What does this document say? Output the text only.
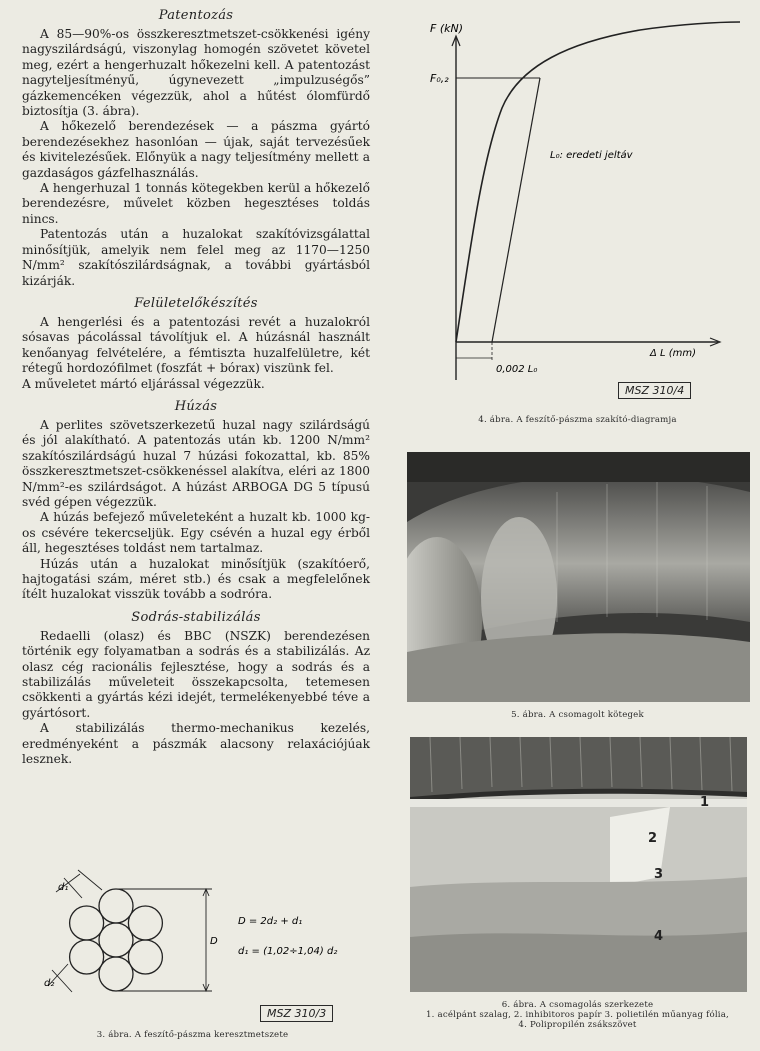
Patentozás

A 85—90%-os összkeresztmetszet-csökkenési igény nagyszilárdságú, viszonylag homogén szövetet követel meg, ezért a hengerhuzalt hőkezelni kell. A patentozást nagyteljesítményű, úgynevezett „impulzuségős” gázkemencéken végezzük, ahol a hűtést ólomfürdő biztosítja (3. ábra).

A hőkezelő berendezések — a pászma gyártó berendezésekhez hasonlóan — újak, saját tervezésűek és kivitelezésűek. Előnyük a nagy teljesítmény mellett a gazdaságos gázfelhasználás.

A hengerhuzal 1 tonnás kötegekben kerül a hőkezelő berendezésre, művelet közben hegesztéses toldás nincs.

Patentozás után a huzalokat szakítóvizsgálattal minősítjük, amelyik nem felel meg az 1170—1250 N/mm² szakítószilárdságnak, a további gyártásból kizárják.

Felületelőkészítés

A hengerlési és a patentozási revét a huzalokról sósavas pácolással távolítjuk el. A húzásnál használt kenőanyag felvételére, a fémtiszta huzalfelületre, két rétegű hordozófilmet (foszfát + bórax) viszünk fel.

A műveletet mártó eljárással végezzük.

Húzás

A perlites szövetszerkezetű huzal nagy szilárdságú és jól alakítható. A patentozás után kb. 1200 N/mm² szakítószilárdságú huzal 7 húzási fokozattal, kb. 85% összkeresztmetszet-csökkenéssel alakítva, eléri az 1800 N/mm²-es szilárdságot. A húzást ARBOGA DG 5 típusú svéd gépen végezzük.

A húzás befejező műveleteként a huzalt kb. 1000 kg-os csévére tekercseljük. Egy csévén a huzal egy érből áll, hegesztéses toldást nem tartalmaz.

Húzás után a huzalokat minősítjük (szakítóerő, hajtogatási szám, méret stb.) és csak a megfelelőnek ítélt huzalokat visszük tovább a sodrórа.

Sodrás-stabilizálás

Redaelli (olasz) és BBC (NSZK) berendezésen történik egy folyamatban a sodrás és a stabilizálás. Az olasz cég racionális fejlesztése, hogy a sodrás és a stabilizálás műveleteit összekapcsolta, tetemesen csökkenti a gyártás kézi idejét, termelékenyebbé téve a gyártósort.

A stabilizálás thermo-mechanikus kezelés, eredményeként a pászmák alacsony relaxációjúak lesznek.

d₁
d₂
D
D = 2d₂ + d₁
d₁ = (1,02÷1,04) d₂
MSZ 310/3
3. ábra. A feszítő-pászma keresztmetszete
F (kN)
F₀,₂
L₀: eredeti jeltáv
Δ L (mm)
0,002 L₀
MSZ 310/4
4. ábra. A feszítő-pászma szakító-diagramja
5. ábra. A csomagolt kötegek
1
2
3
4
6. ábra. A csomagolás szerkezete
1. acélpánt szalag, 2. inhibitoros papír 3. polietilén műanyag fólia,
4. Polipropilén zsákszövet
